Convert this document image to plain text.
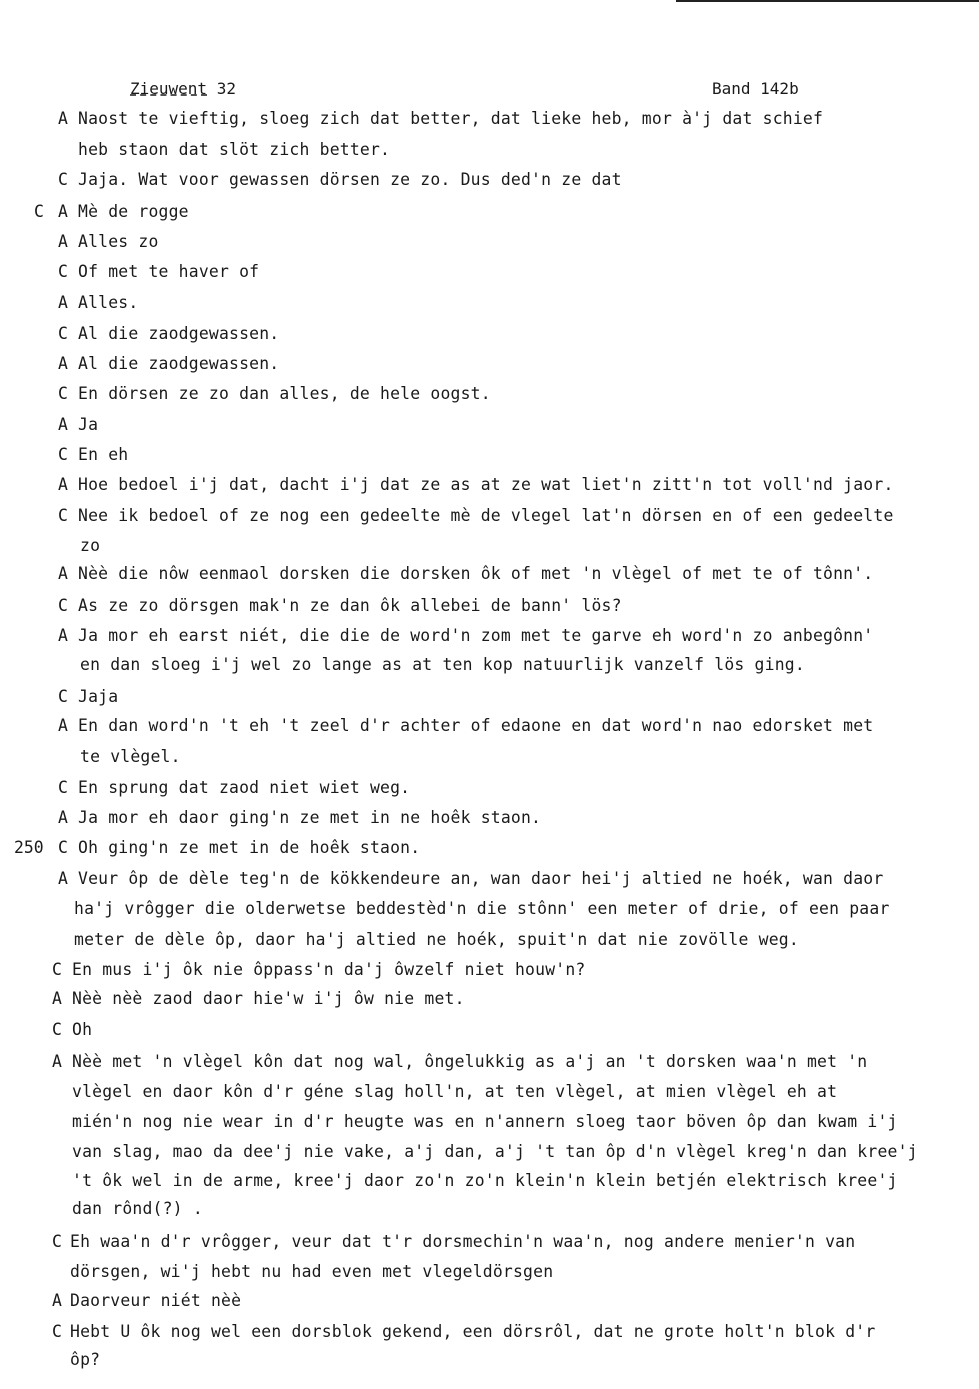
Zieuwent 32	Band 142b
C
250
A Naost te vieftig, sloeg zich dat better, dat lieke heb, mor à'j dat schief
heb staon dat slöt zich better.
C Jaja. Wat voor gewassen dörsen ze zo. Dus ded'n ze dat
A Mè de rogge
A Alles zo
C Of met te haver of
A Alles.
C Al die zaodgewassen.
A Al die zaodgewassen.
C En dörsen ze zo dan alles, de hele oogst.
A Ja
C En eh
A Hoe bedoel i'j dat, dacht i'j dat ze as at ze wat liet'n zitt'n tot voll'nd jaor.
C Nee ik bedoel of ze nog een gedeelte mè de vlegel lat'n dörsen en of een gedeelte
zo
A Nèè die nôw eenmaol dorsken die dorsken ôk of met 'n vlègel of met te of tônn'.
C As ze zo dörsgen mak'n ze dan ôk allebei de bann' lös?
A Ja mor eh earst niét, die die de word'n zom met te garve eh word'n zo anbegônn'
en dan sloeg i'j wel zo lange as at ten kop natuurlijk vanzelf lös ging.
C Jaja
A En dan word'n 't eh 't zeel d'r achter of edaone en dat word'n nao edorsket met
te vlègel.
C En sprung dat zaod niet wiet weg.
A Ja mor eh daor ging'n ze met in ne hoêk staon.
C Oh ging'n ze met in de hoêk staon.
A Veur ôp de dèle teg'n de kökkendeure an, wan daor hei'j altied ne hoék, wan daor
ha'j vrôgger die olderwetse beddestèd'n die stônn' een meter of drie, of een paar
meter de dèle ôp, daor ha'j altied ne hoék, spuit'n dat nie zovölle weg.
C En mus i'j ôk nie ôppass'n da'j ôwzelf niet houw'n?
A Nèè nèè zaod daor hie'w i'j ôw nie met.
C Oh
A Nèè met 'n vlègel kôn dat nog wal, ôngelukkig as a'j an 't dorsken waa'n met 'n
vlègel en daor kôn d'r géne slag holl'n, at ten vlègel, at mien vlègel eh at
mién'n nog nie wear in d'r heugte was en n'annern sloeg taor böven ôp dan kwam i'j
van slag, mao da dee'j nie vake, a'j dan, a'j 't tan ôp d'n vlègel kreg'n dan kree'j
't ôk wel in de arme, kree'j daor zo'n zo'n klein'n klein betjén elektrisch kree'j
dan rônd(?) .
C Eh waa'n d'r vrôgger, veur dat t'r dorsmechin'n waa'n, nog andere menier'n van
dörsgen, wi'j hebt nu had even met vlegeldörsgen
A Daorveur niét nèè
C Hebt U ôk nog wel een dorsblok gekend, een dörsrôl, dat ne grote holt'n blok d'r
ôp?
